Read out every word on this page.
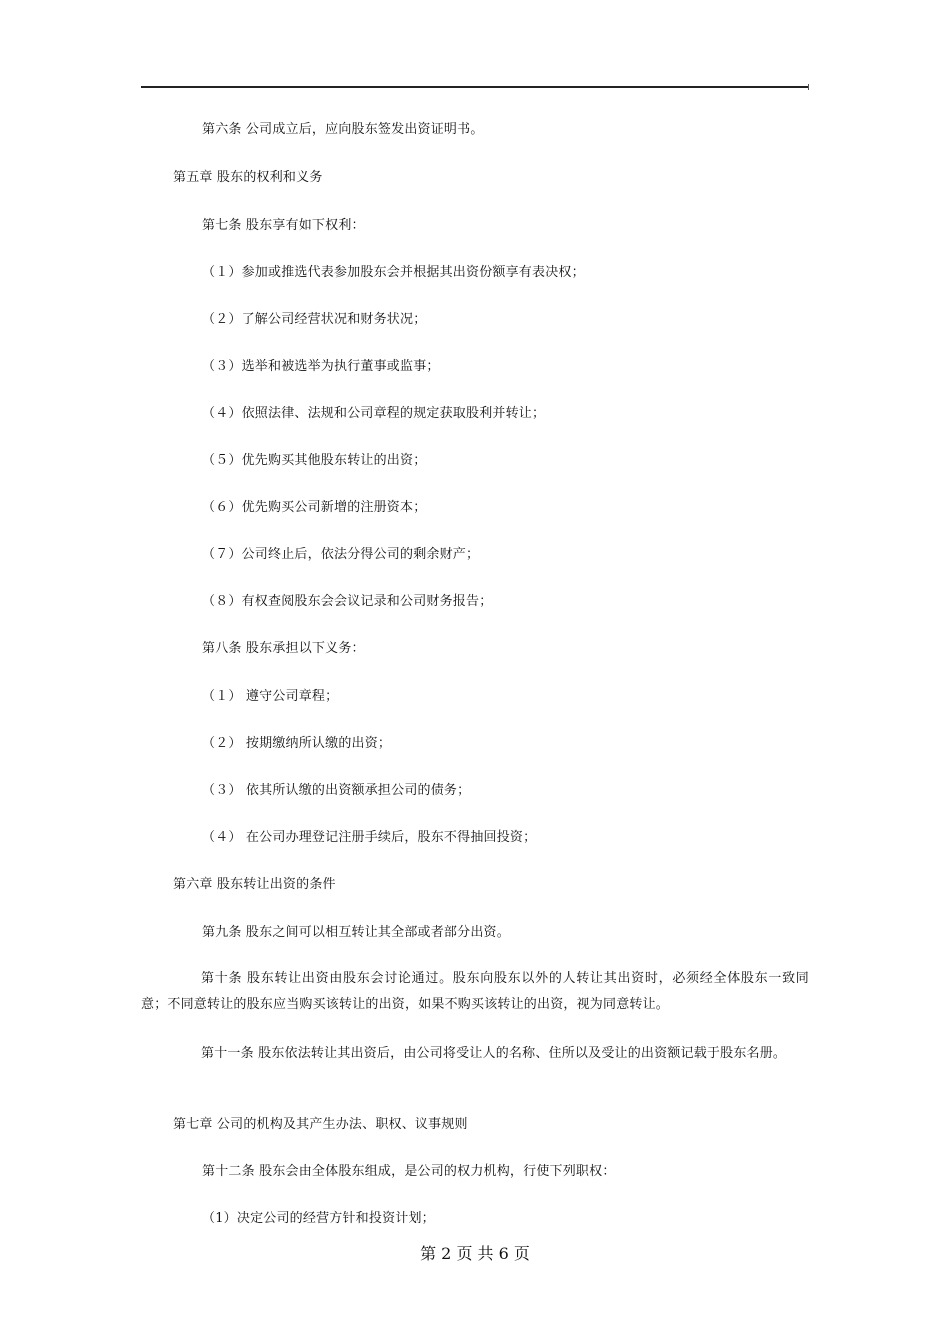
第六条 公司成立后，应向股东签发出资证明书。
第五章 股东的权利和义务
第七条 股东享有如下权利：
（１）参加或推选代表参加股东会并根据其出资份额享有表决权；
（２）了解公司经营状况和财务状况；
（３）选举和被选举为执行董事或监事；
（４）依照法律、法规和公司章程的规定获取股利并转让；
（５）优先购买其他股东转让的出资；
（６）优先购买公司新增的注册资本；
（７）公司终止后，依法分得公司的剩余财产；
（８）有权查阅股东会会议记录和公司财务报告；
第八条 股东承担以下义务：
（１） 遵守公司章程；
（２） 按期缴纳所认缴的出资；
（３） 依其所认缴的出资额承担公司的债务；
（４） 在公司办理登记注册手续后，股东不得抽回投资；
第六章 股东转让出资的条件
第九条 股东之间可以相互转让其全部或者部分出资。
第十条 股东转让出资由股东会讨论通过。股东向股东以外的人转让其出资时，必须经全体股东一致同意；不同意转让的股东应当购买该转让的出资，如果不购买该转让的出资，视为同意转让。
第十一条 股东依法转让其出资后，由公司将受让人的名称、住所以及受让的出资额记载于股东名册。
第七章 公司的机构及其产生办法、职权、议事规则
第十二条 股东会由全体股东组成，是公司的权力机构，行使下列职权：
（1）决定公司的经营方针和投资计划；
第 2 页 共 6 页
